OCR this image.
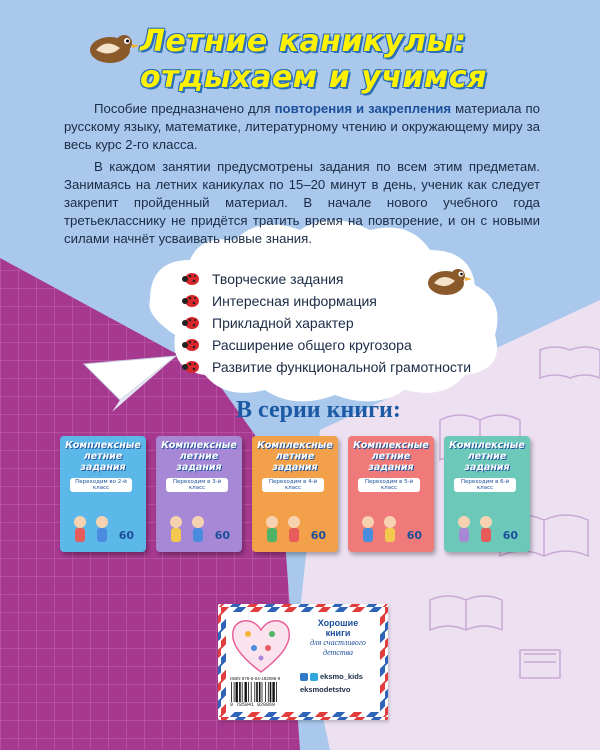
Летние каникулы:
отдыхаем и учимся
Пособие предназначено для повторения и закрепления материала по русскому языку, математике, литературному чтению и окружающему миру за весь курс 2-го класса.
В каждом занятии предусмотрены задания по всем этим предметам. Занимаясь на летних каникулах по 15–20 минут в день, ученик как следует закрепит пройденный материал. В начале нового учебного года третьекласснику не придётся тратить время на повторение, и он с новыми силами начнёт усваивать новые знания.
Творческие задания
Интересная информация
Прикладной характер
Расширение общего кругозора
Развитие функциональной грамотности
В серии книги:
Комплексные
летние
задания
Переходим во 2-й класс
60
Комплексные
летние
задания
Переходим в 3-й класс
60
Комплексные
летние
задания
Переходим в 4-й класс
60
Комплексные
летние
задания
Переходим в 5-й класс
60
Комплексные
летние
задания
Переходим в 6-й класс
60
Хорошие
книги
для счастливого
детства
eksmo_kids
eksmodetstvo
ISBN 978-5-04-192086-9
9 785041 920869
